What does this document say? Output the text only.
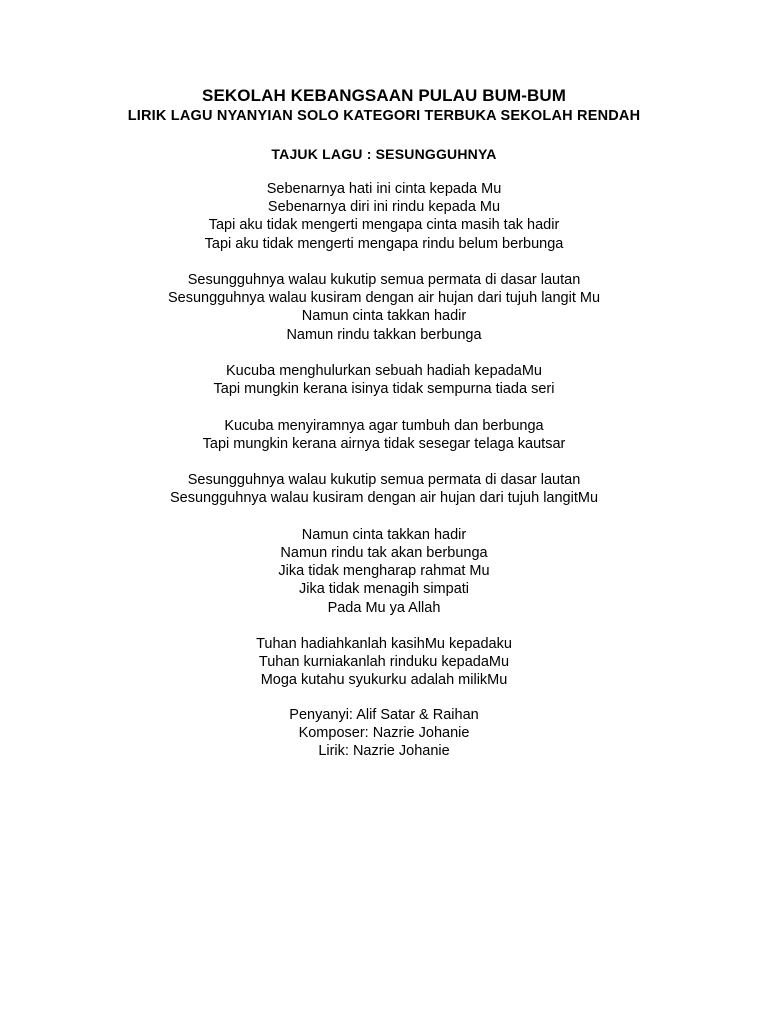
SEKOLAH KEBANGSAAN PULAU BUM-BUM
LIRIK LAGU NYANYIAN SOLO KATEGORI TERBUKA SEKOLAH RENDAH
TAJUK LAGU : SESUNGGUHNYA
Sebenarnya hati ini cinta kepada Mu
Sebenarnya diri ini rindu kepada Mu
Tapi aku tidak mengerti mengapa cinta masih tak hadir
Tapi aku tidak mengerti mengapa rindu belum berbunga
Sesungguhnya walau kukutip semua permata di dasar lautan
Sesungguhnya walau kusiram dengan air hujan dari tujuh langit Mu
Namun cinta takkan hadir
Namun rindu takkan berbunga
Kucuba menghulurkan sebuah hadiah kepadaMu
Tapi mungkin kerana isinya tidak sempurna tiada seri
Kucuba menyiramnya agar tumbuh dan berbunga
Tapi mungkin kerana airnya tidak sesegar telaga kautsar
Sesungguhnya walau kukutip semua permata di dasar lautan
Sesungguhnya walau kusiram dengan air hujan dari tujuh langitMu
Namun cinta takkan hadir
Namun rindu tak akan berbunga
Jika tidak mengharap rahmat Mu
Jika tidak menagih simpati
Pada Mu ya Allah
Tuhan hadiahkanlah kasihMu kepadaku
Tuhan kurniakanlah rinduku kepadaMu
Moga kutahu syukurku adalah milikMu
Penyanyi: Alif Satar & Raihan
Komposer: Nazrie Johanie
Lirik: Nazrie Johanie
